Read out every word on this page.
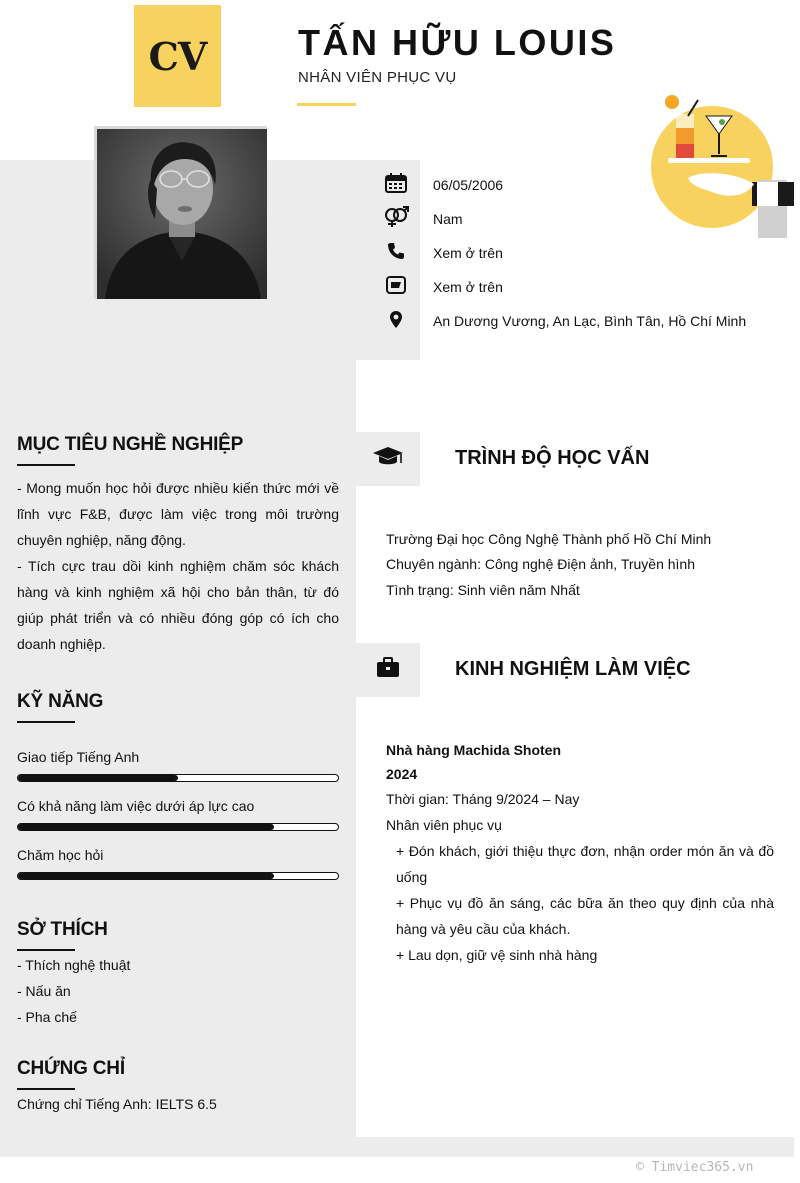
CV	TẤN HỮU LOUIS
NHÂN VIÊN PHỤC VỤ
06/05/2006
Nam
Xem ở trên
Xem ở trên
An Dương Vương, An Lạc, Bình Tân, Hồ Chí Minh
MỤC TIÊU NGHỀ NGHIỆP

- Mong muốn học hỏi được nhiều kiến thức mới về lĩnh vực F&B, được làm việc trong môi trường chuyên nghiệp, năng động.

- Tích cực trau dồi kinh nghiệm chăm sóc khách hàng và kinh nghiệm xã hội cho bản thân, từ đó giúp phát triển và có nhiều đóng góp có ích cho doanh nghiệp.

KỸ NĂNG
Giao tiếp Tiếng Anh
Có khả năng làm việc dưới áp lực cao
Chăm học hỏi
SỞ THÍCH
- Thích nghệ thuật
- Nấu ăn
- Pha chế
CHỨNG CHỈ
Chứng chỉ Tiếng Anh: IELTS 6.5
TRÌNH ĐỘ HỌC VẤN
Trường Đại học Công Nghệ Thành phố Hồ Chí Minh
Chuyên ngành: Công nghệ Điện ảnh, Truyền hình
Tình trạng: Sinh viên năm Nhất
KINH NGHIỆM LÀM VIỆC
Nhà hàng Machida Shoten
2024
Thời gian: Tháng 9/2024 – Nay
Nhân viên phục vụ
+ Đón khách, giới thiệu thực đơn, nhận order món ăn và đồ uống
+ Phục vụ đồ ăn sáng, các bữa ăn theo quy định của nhà hàng và yêu cầu của khách.
+ Lau dọn, giữ vệ sinh nhà hàng
© Timviec365.vn
